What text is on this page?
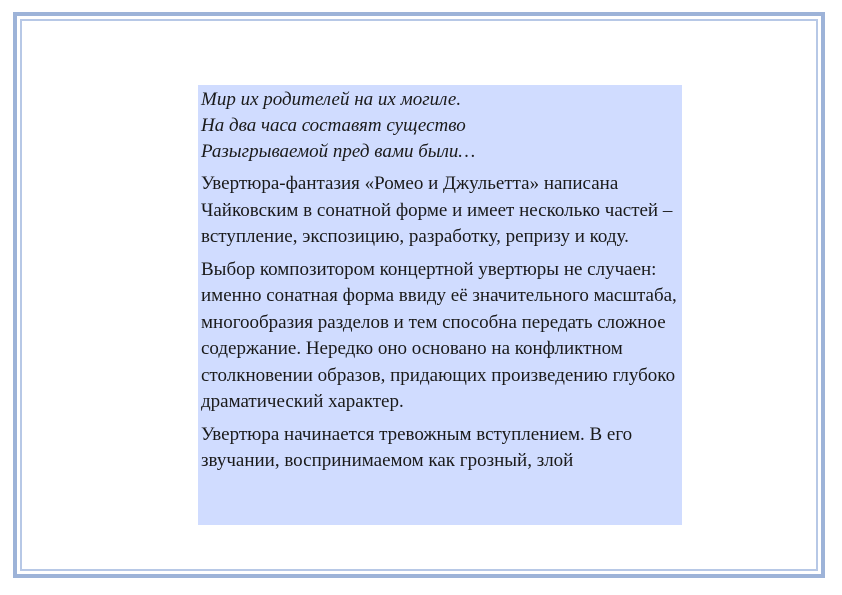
Мир их родителей на их могиле.
На два часа составят существо
Разыгрываемой пред вами были…

Увертюра-фантазия «Ромео и Джульетта» написана Чайковским в сонатной форме и имеет несколько частей – вступление, экспозицию, разработку, репризу и коду.

Выбор композитором концертной увертюры не случаен: именно сонатная форма ввиду её значительного масштаба, многообразия разделов и тем способна передать сложное содержание. Нередко оно основано на конфликтном столкновении образов, придающих произведению глубоко драматический характер.

Увертюра начинается тревожным вступлением. В его звучании, воспринимаемом как грозный, злой
